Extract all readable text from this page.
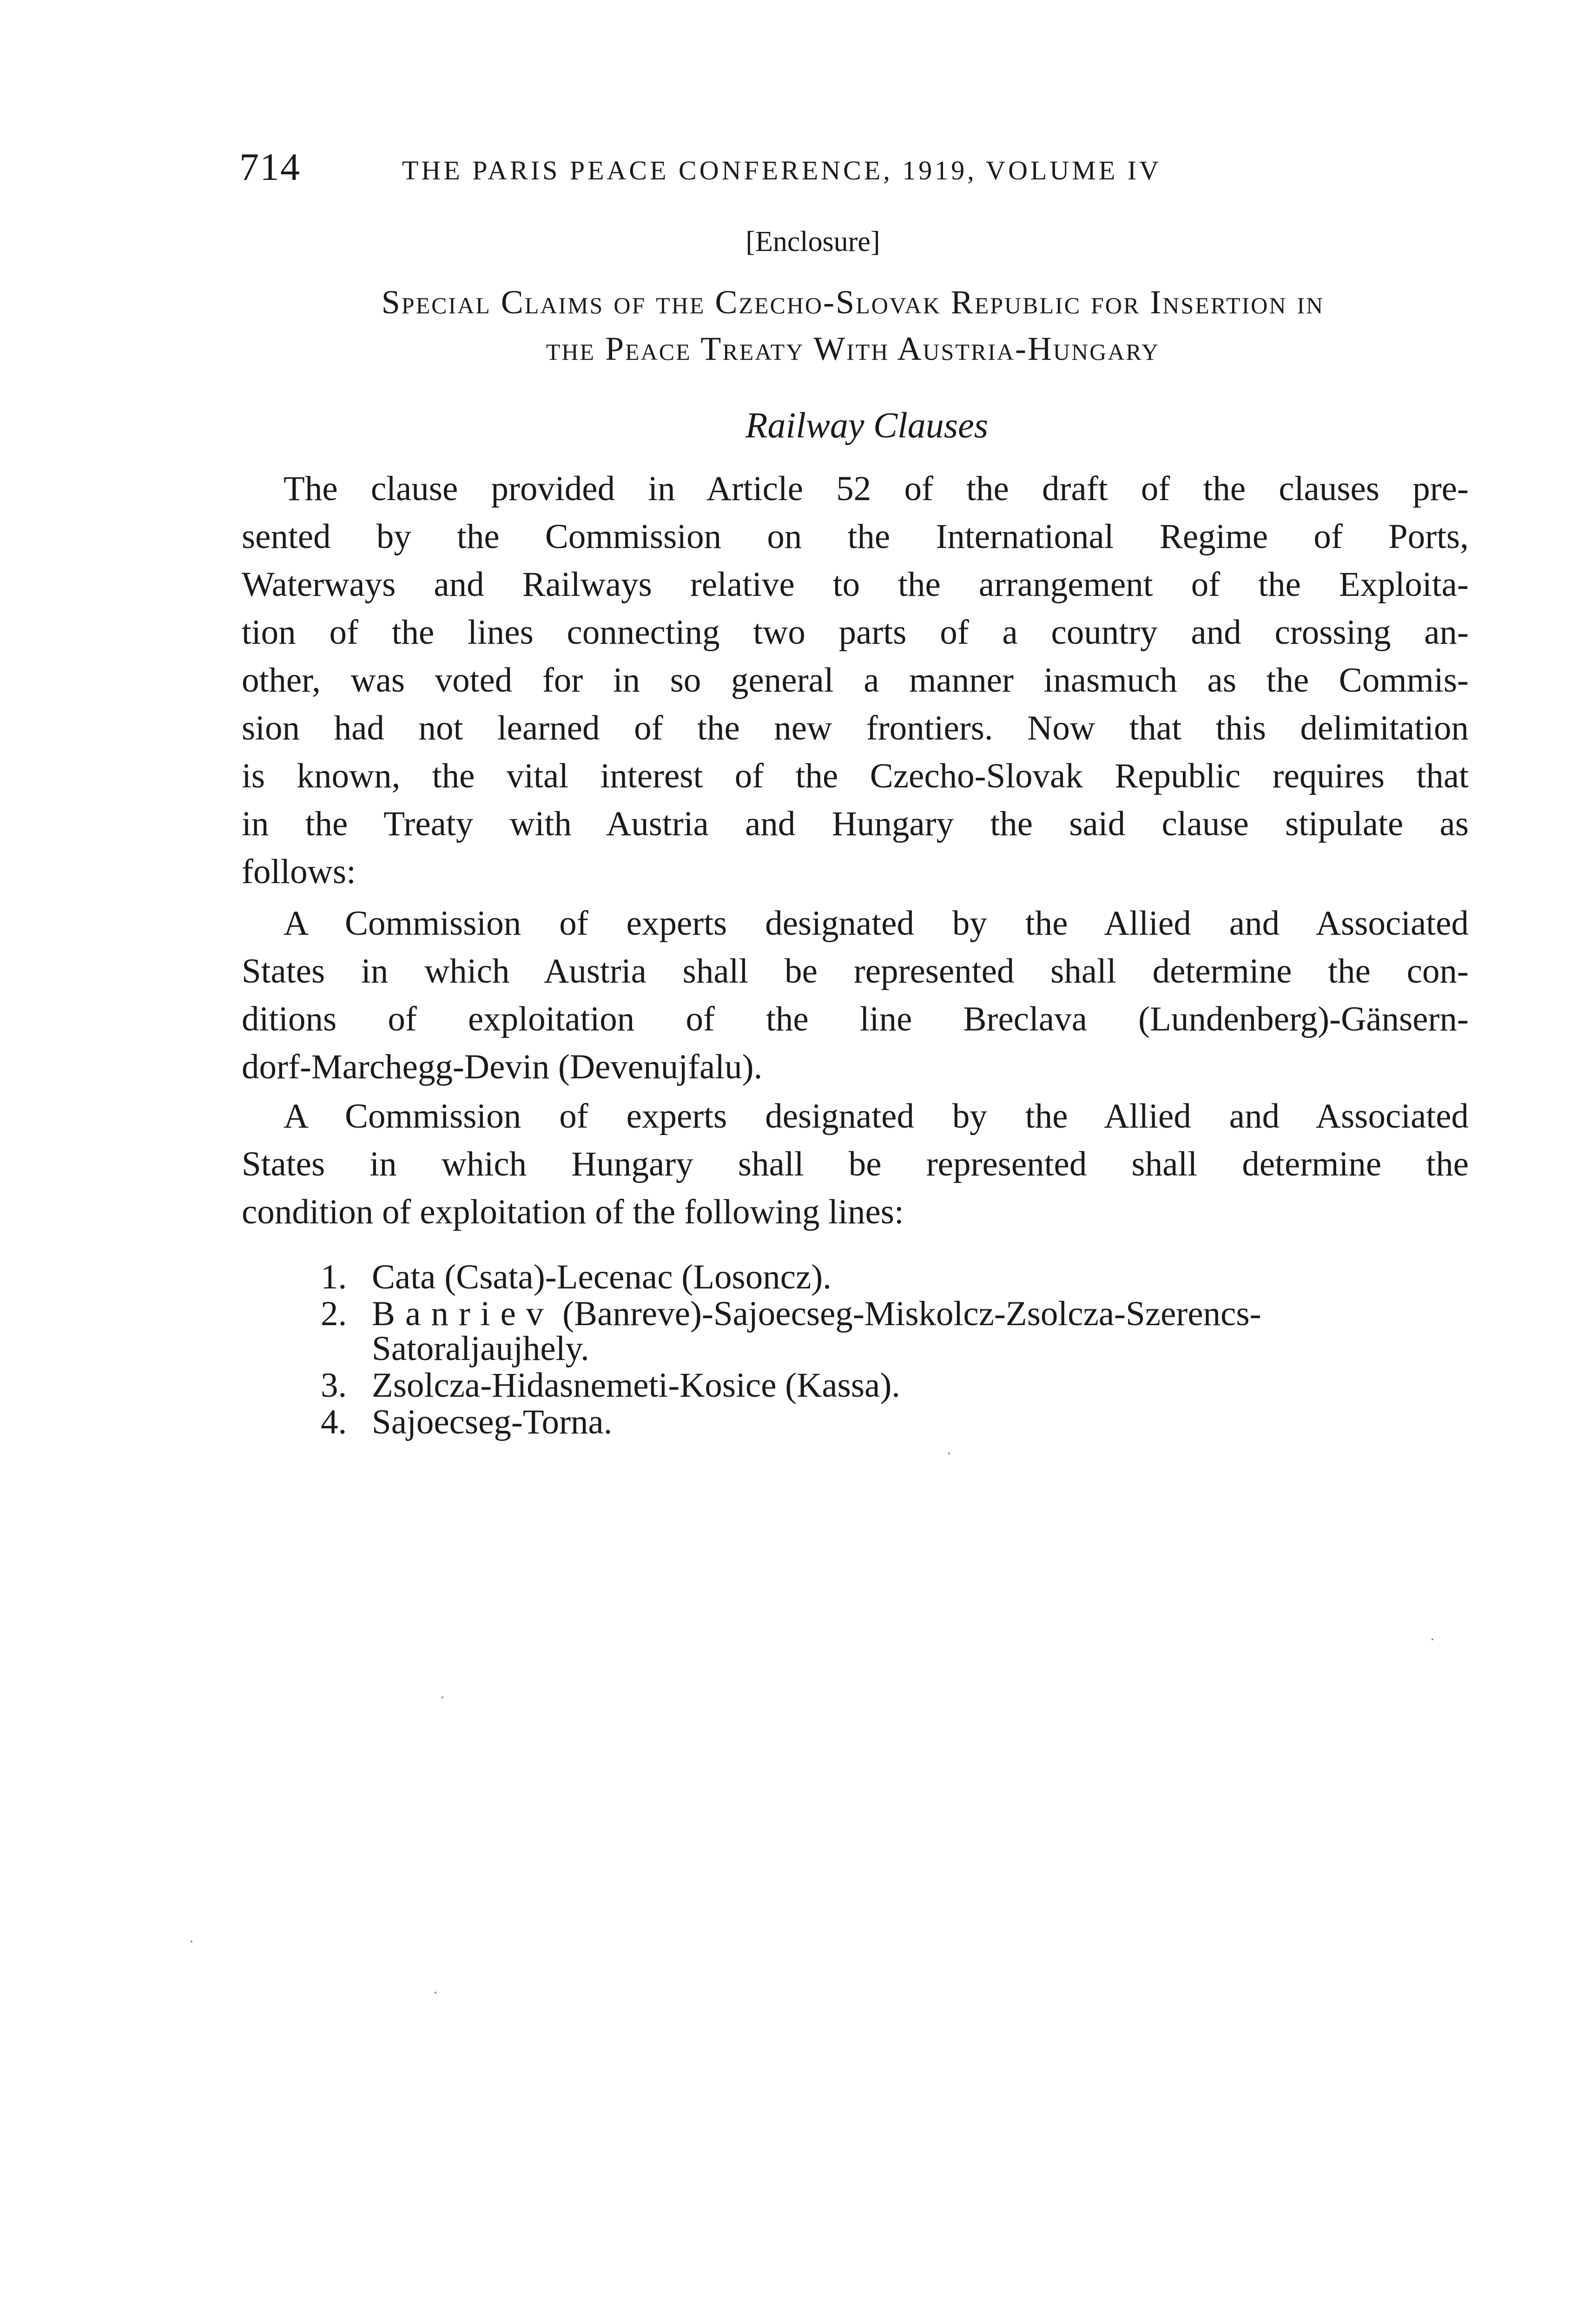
714	THE PARIS PEACE CONFERENCE, 1919, VOLUME IV
[Enclosure]
Special Claims of the Czecho-Slovak Republic for Insertion in
the Peace Treaty With Austria-Hungary
Railway Clauses

The clause provided in Article 52 of the draft of the clauses pre-
sented by the Commission on the International Regime of Ports,
Waterways and Railways relative to the arrangement of the Exploita-
tion of the lines connecting two parts of a country and crossing an-
other, was voted for in so general a manner inasmuch as the Commis-
sion had not learned of the new frontiers. Now that this delimitation
is known, the vital interest of the Czecho-Slovak Republic requires that
in the Treaty with Austria and Hungary the said clause stipulate as
follows:

A Commission of experts designated by the Allied and Associated
States in which Austria shall be represented shall determine the con-
ditions of exploitation of the line Breclava (Lundenberg)-Gänsern-
dorf-Marchegg-Devin (Devenujfalu).

A Commission of experts designated by the Allied and Associated
States in which Hungary shall be represented shall determine the
condition of exploitation of the following lines:

1. Cata (Csata)-Lecenac (Losoncz).
2. Banriev (Banreve)-Sajoecseg-Miskolcz-Zsolcza-Szerencs-
Satoraljaujhely.
3. Zsolcza-Hidasnemeti-Kosice (Kassa).
4. Sajoecseg-Torna.
